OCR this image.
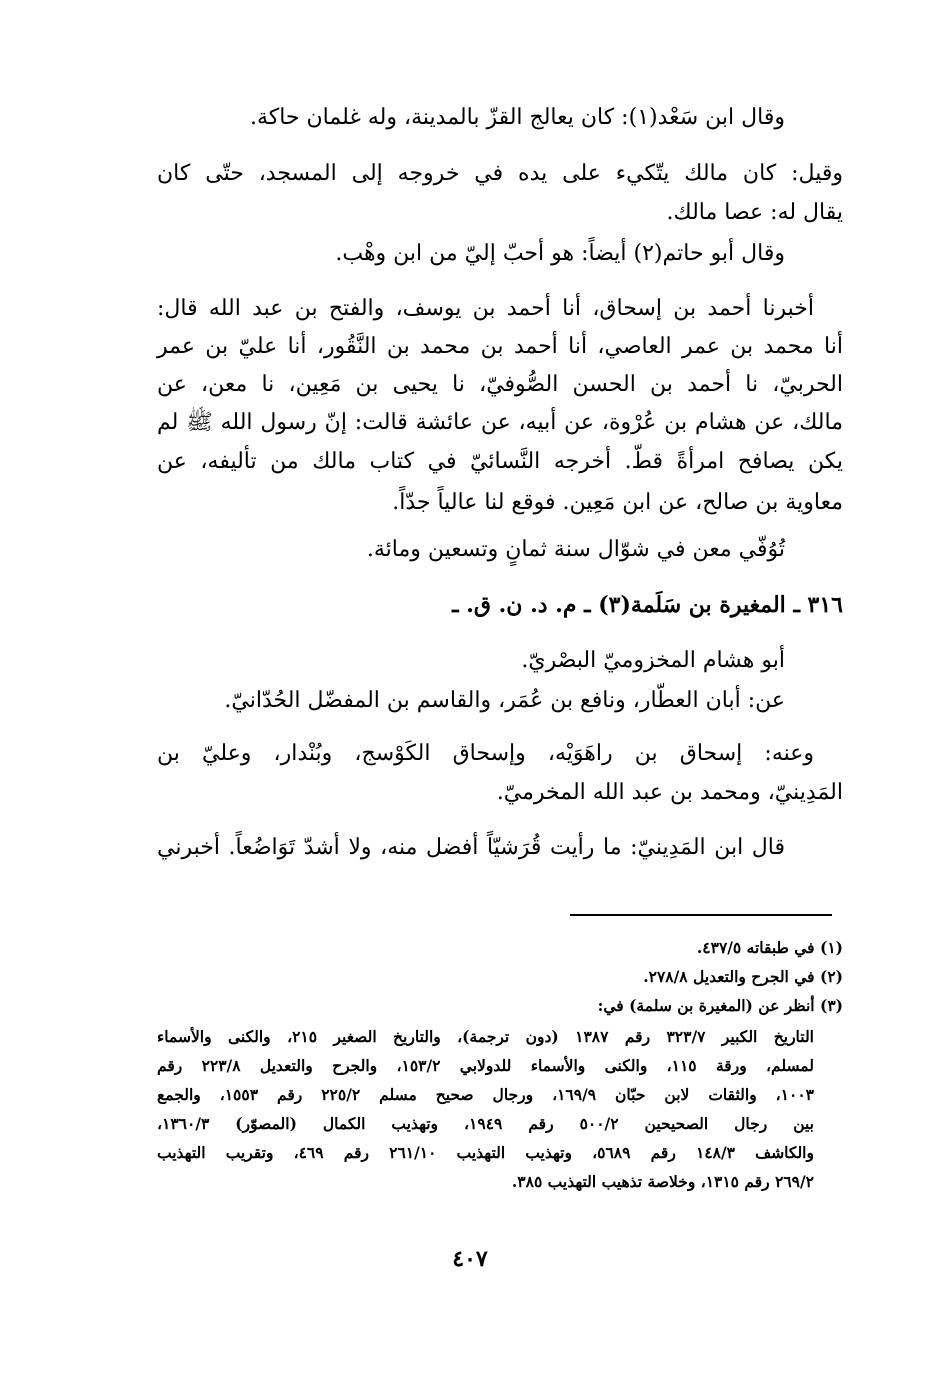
وقال ابن سَعْد(١): كان يعالج القزّ بالمدينة، وله غلمان حاكة.
وقيل: كان مالك يتّكيء على يده في خروجه إلى المسجد، حتّى كان
يقال له: عصا مالك.
وقال أبو حاتم(٢) أيضاً: هو أحبّ إليّ من ابن وهْب.
أخبرنا أحمد بن إسحاق، أنا أحمد بن يوسف، والفتح بن عبد الله قال:
أنا محمد بن عمر العاصي، أنا أحمد بن محمد بن النَّقُور، أنا عليّ بن عمر
الحربيّ، نا أحمد بن الحسن الصُّوفيّ، نا يحيى بن مَعِين، نا معن، عن
مالك، عن هشام بن عُرْوة، عن أبيه، عن عائشة قالت: إنّ رسول الله ﷺ لم
يكن يصافح امرأةً قطّ. أخرجه النَّسائيّ في كتاب مالك من تأليفه، عن
معاوية بن صالح، عن ابن مَعِين. فوقع لنا عالياً جدّاً.
تُوُفّي معن في شوّال سنة ثمانٍ وتسعين ومائة.
٣١٦ ـ المغيرة بن سَلَمة(٣) ـ م. د. ن. ق. ـ
أبو هشام المخزوميّ البصْريّ.
عن: أبان العطّار، ونافع بن عُمَر، والقاسم بن المفضّل الحُدّانيّ.
وعنه: إسحاق بن راهَوَيْه، وإسحاق الكَوْسج، وبُنْدار، وعليّ بن
المَدِينيّ، ومحمد بن عبد الله المخرميّ.
قال ابن المَدِينيّ: ما رأيت قُرَشيّاً أفضل منه، ولا أشدّ تَوَاضُعاً. أخبرني
(١) في طبقاته ٤٣٧/٥.
(٢) في الجرح والتعديل ٢٧٨/٨.
(٣) أنظر عن (المغيرة بن سلمة) في:
التاريخ الكبير ٣٢٣/٧ رقم ١٣٨٧ (دون ترجمة)، والتاريخ الصغير ٢١٥، والكنى والأسماء
لمسلم، ورقة ١١٥، والكنى والأسماء للدولابي ١٥٣/٢، والجرح والتعديل ٢٢٣/٨ رقم
١٠٠٣، والثقات لابن حبّان ١٦٩/٩، ورجال صحيح مسلم ٢٢٥/٢ رقم ١٥٥٣، والجمع
بين رجال الصحيحين ٥٠٠/٢ رقم ١٩٤٩، وتهذيب الكمال (المصوّر) ١٣٦٠/٣،
والكاشف ١٤٨/٣ رقم ٥٦٨٩، وتهذيب التهذيب ٢٦١/١٠ رقم ٤٦٩، وتقريب التهذيب
٢٦٩/٢ رقم ١٣١٥، وخلاصة تذهيب التهذيب ٣٨٥.
٤٠٧
